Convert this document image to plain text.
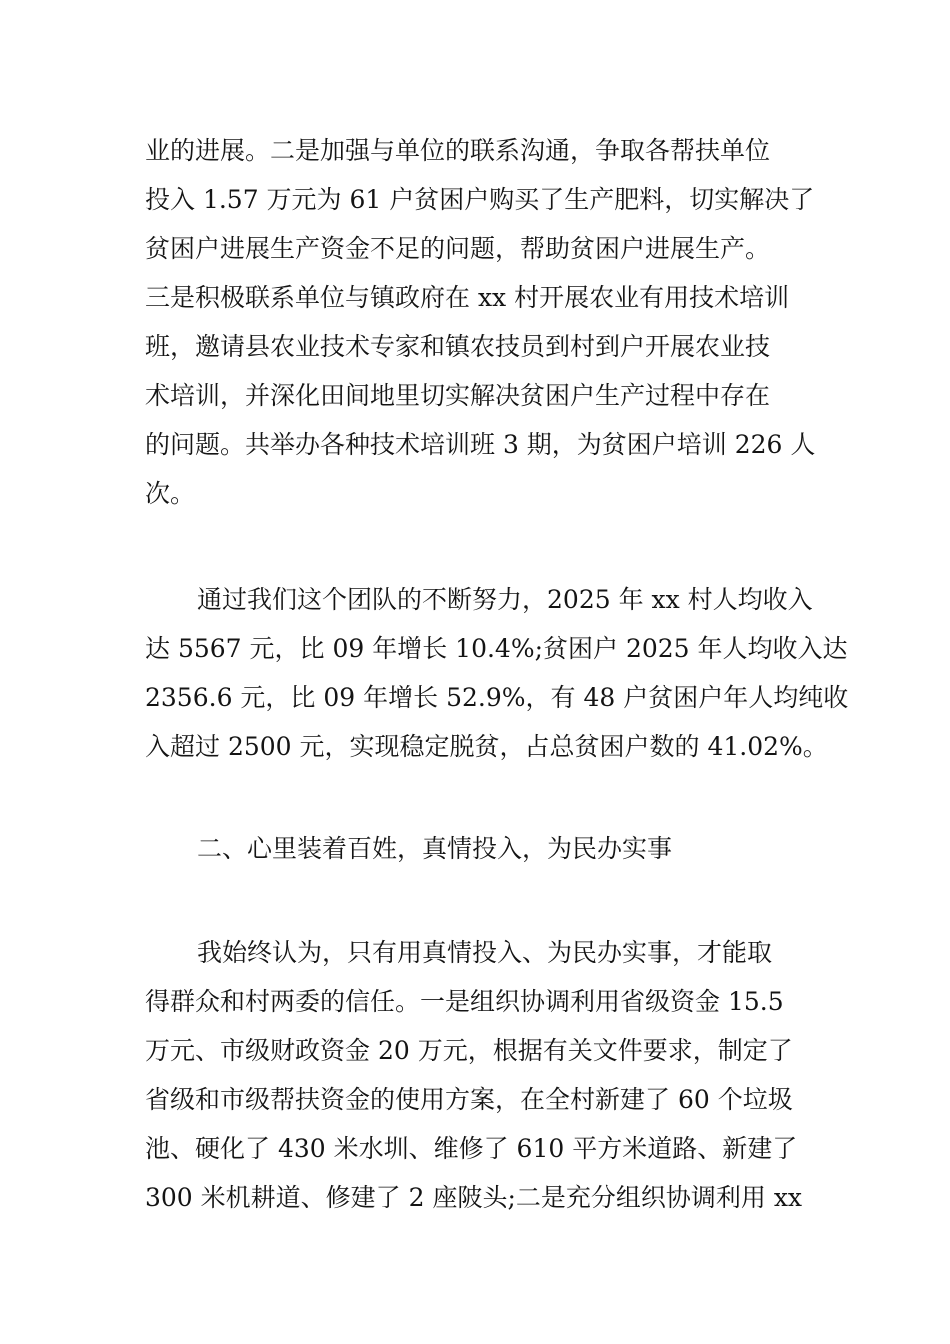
业的进展。二是加强与单位的联系沟通，争取各帮扶单位
投入 1.57 万元为 61 户贫困户购买了生产肥料，切实解决了
贫困户进展生产资金不足的问题，帮助贫困户进展生产。
三是积极联系单位与镇政府在 xx 村开展农业有用技术培训
班，邀请县农业技术专家和镇农技员到村到户开展农业技
术培训，并深化田间地里切实解决贫困户生产过程中存在
的问题。共举办各种技术培训班 3 期，为贫困户培训 226 人
次。
通过我们这个团队的不断努力，2025 年 xx 村人均收入
达 5567 元，比 09 年增长 10.4%;贫困户 2025 年人均收入达
2356.6 元，比 09 年增长 52.9%，有 48 户贫困户年人均纯收
入超过 2500 元，实现稳定脱贫，占总贫困户数的 41.02%。
二、心里装着百姓，真情投入，为民办实事
我始终认为，只有用真情投入、为民办实事，才能取
得群众和村两委的信任。一是组织协调利用省级资金 15.5
万元、市级财政资金 20 万元，根据有关文件要求，制定了
省级和市级帮扶资金的使用方案，在全村新建了 60 个垃圾
池、硬化了 430 米水圳、维修了 610 平方米道路、新建了
300 米机耕道、修建了 2 座陂头;二是充分组织协调利用 xx
